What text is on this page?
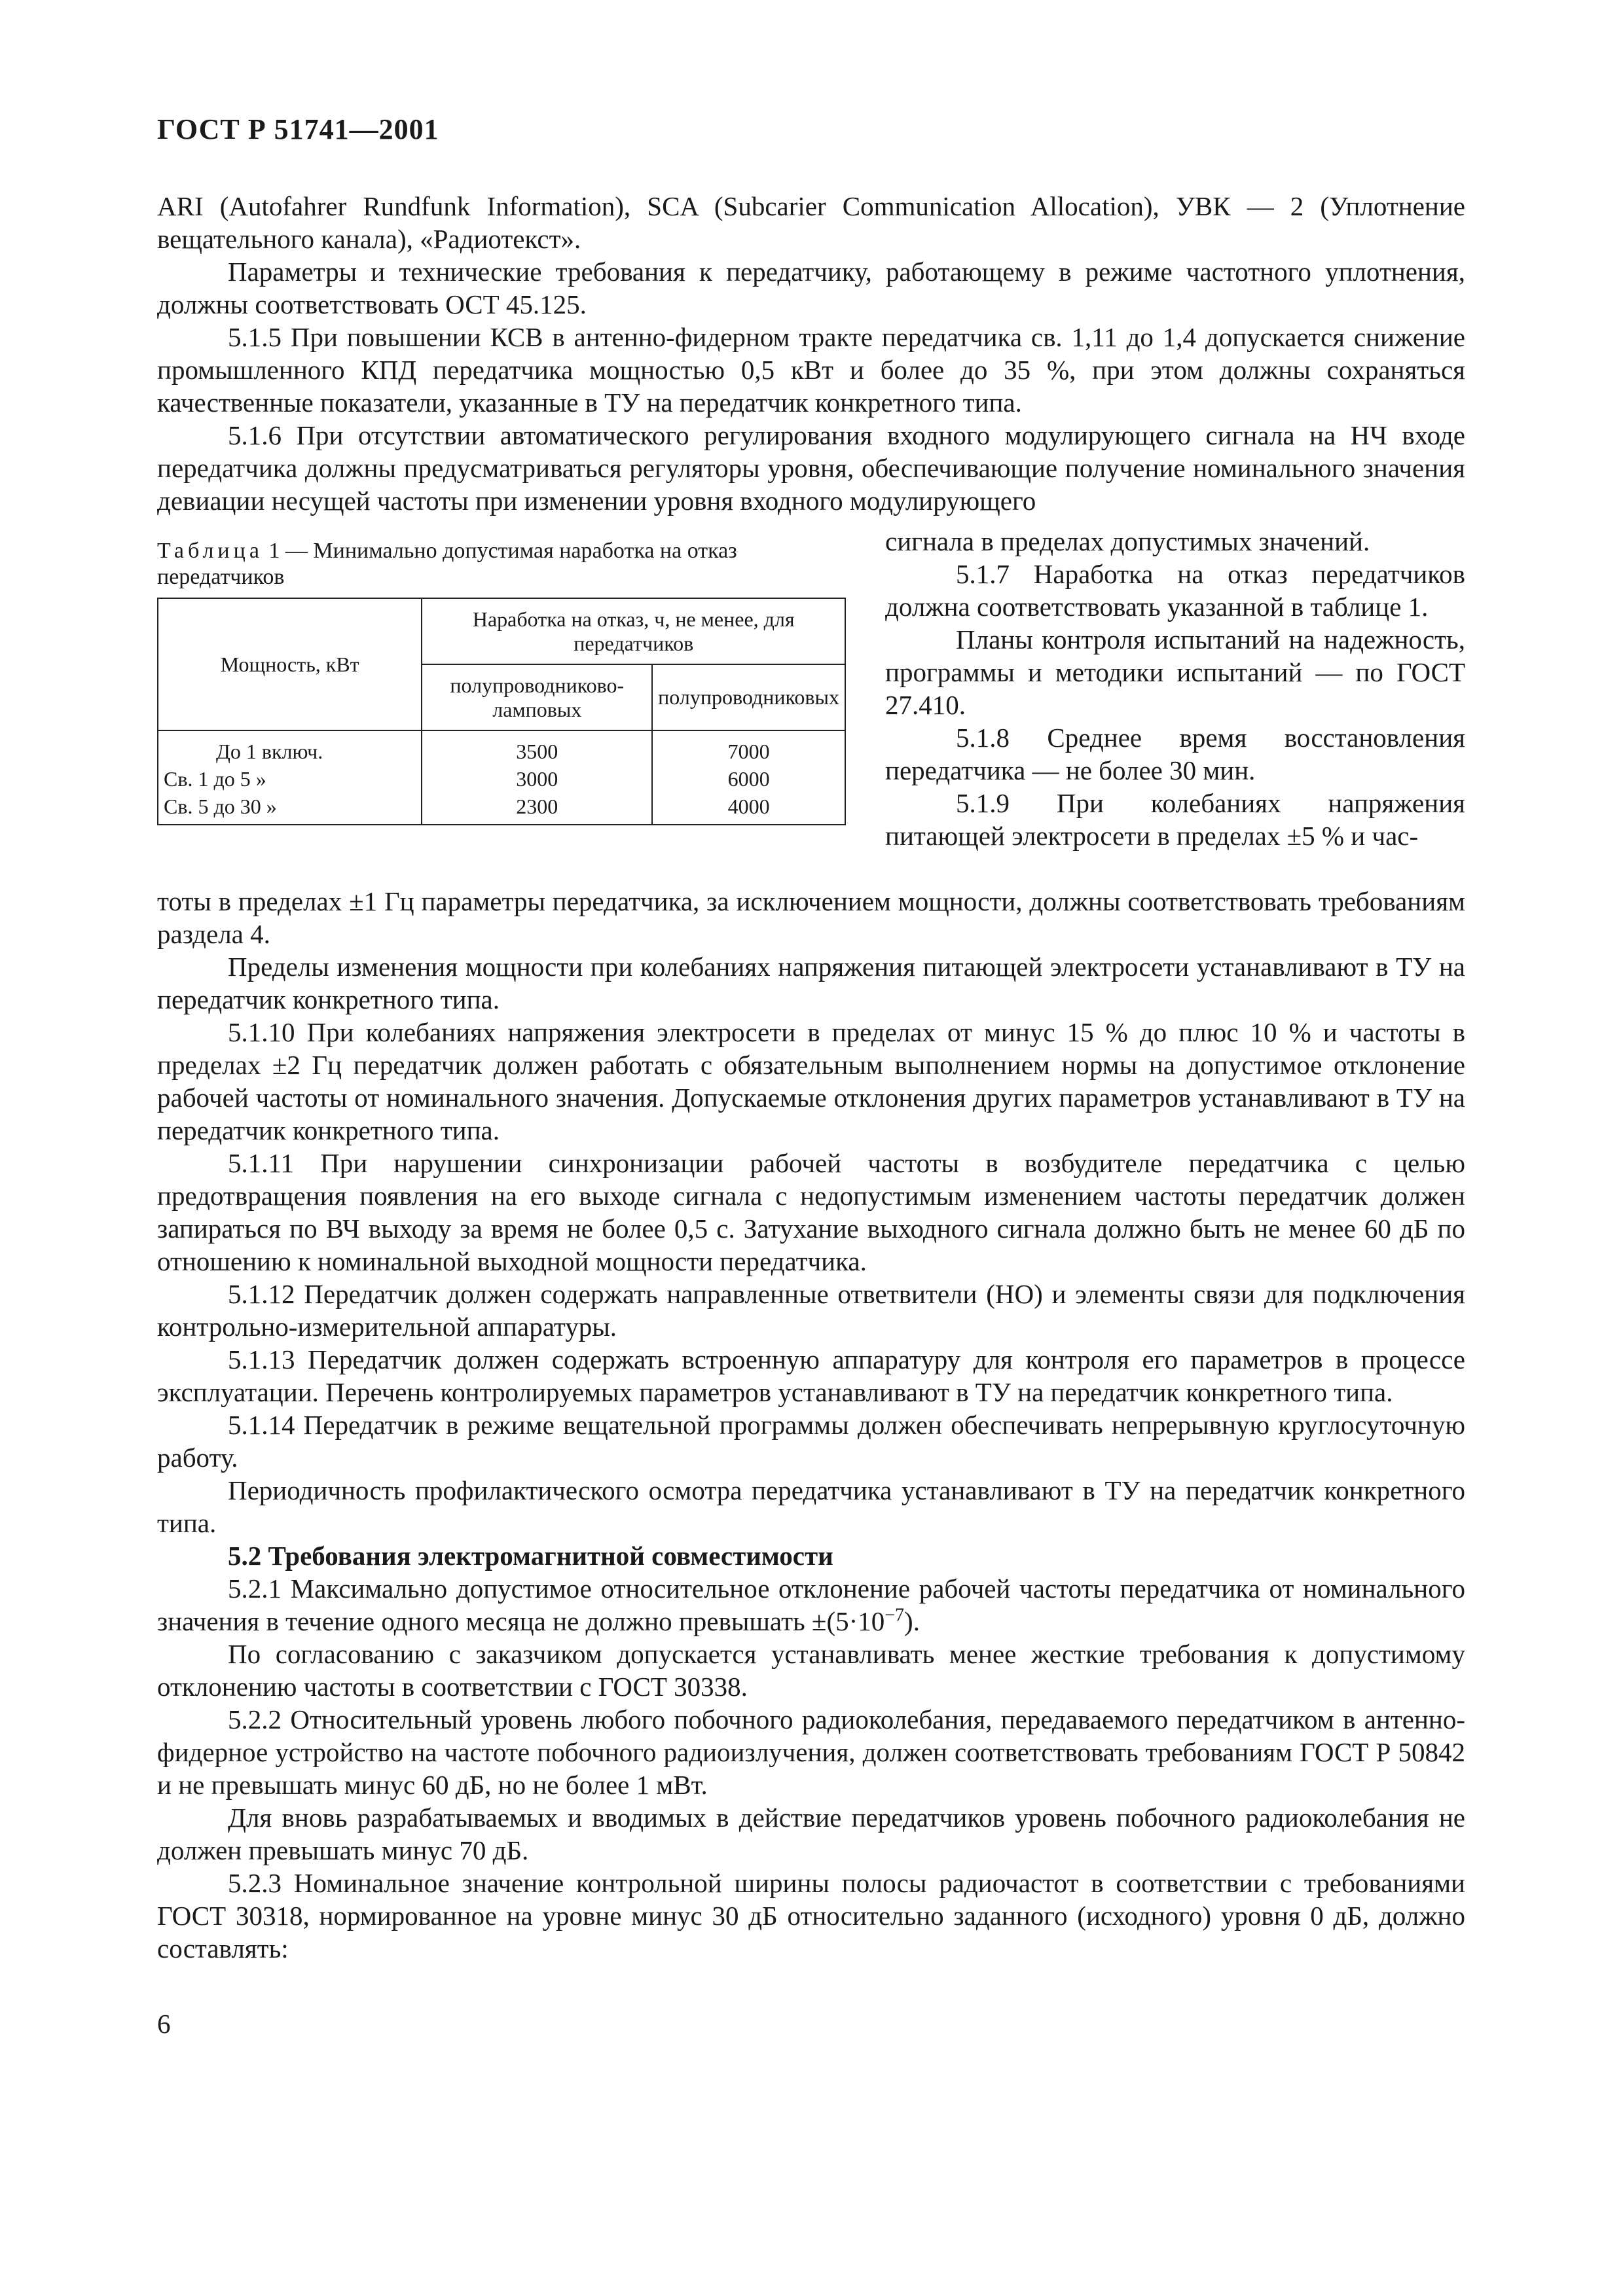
ГОСТ Р 51741—2001

ARI (Autofahrer Rundfunk Information), SCA (Subcarier Communication Allocation), УВК — 2 (Уплотнение вещательного канала), «Радиотекст».

Параметры и технические требования к передатчику, работающему в режиме частотного уплотнения, должны соответствовать ОСТ 45.125.

5.1.5 При повышении КСВ в антенно-фидерном тракте передатчика св. 1,11 до 1,4 допускается снижение промышленного КПД передатчика мощностью 0,5 кВт и более до 35 %, при этом должны сохраняться качественные показатели, указанные в ТУ на передатчик конкретного типа.

5.1.6 При отсутствии автоматического регулирования входного модулирующего сигнала на НЧ входе передатчика должны предусматриваться регуляторы уровня, обеспечивающие получение номинального значения девиации несущей частоты при изменении уровня входного модулирующего

Таблица 1 — Минимально допустимая наработка на отказ передатчиков
Мощность, кВт	Наработка на отказ, ч, не менее, для передатчиков	
	полупроводниково-ламповых	полупроводниковых
До 1 включ.	3500	7000
Св. 1 до 5 »	3000	6000
Св. 5 до 30 »	2300	4000

сигнала в пределах допустимых значений.

5.1.7 Наработка на отказ передатчиков должна соответствовать указанной в таблице 1.

Планы контроля испытаний на надежность, программы и методики испытаний — по ГОСТ 27.410.

5.1.8 Среднее время восстановления передатчика — не более 30 мин.

5.1.9 При колебаниях напряжения питающей электросети в пределах ±5 % и час-

тоты в пределах ±1 Гц параметры передатчика, за исключением мощности, должны соответствовать требованиям раздела 4.

Пределы изменения мощности при колебаниях напряжения питающей электросети устанавливают в ТУ на передатчик конкретного типа.

5.1.10 При колебаниях напряжения электросети в пределах от минус 15 % до плюс 10 % и частоты в пределах ±2 Гц передатчик должен работать с обязательным выполнением нормы на допустимое отклонение рабочей частоты от номинального значения. Допускаемые отклонения других параметров устанавливают в ТУ на передатчик конкретного типа.

5.1.11 При нарушении синхронизации рабочей частоты в возбудителе передатчика с целью предотвращения появления на его выходе сигнала с недопустимым изменением частоты передатчик должен запираться по ВЧ выходу за время не более 0,5 с. Затухание выходного сигнала должно быть не менее 60 дБ по отношению к номинальной выходной мощности передатчика.

5.1.12 Передатчик должен содержать направленные ответвители (НО) и элементы связи для подключения контрольно-измерительной аппаратуры.

5.1.13 Передатчик должен содержать встроенную аппаратуру для контроля его параметров в процессе эксплуатации. Перечень контролируемых параметров устанавливают в ТУ на передатчик конкретного типа.

5.1.14 Передатчик в режиме вещательной программы должен обеспечивать непрерывную круглосуточную работу.

Периодичность профилактического осмотра передатчика устанавливают в ТУ на передатчик конкретного типа.

5.2 Требования электромагнитной совместимости

5.2.1 Максимально допустимое относительное отклонение рабочей частоты передатчика от номинального значения в течение одного месяца не должно превышать $\pm(5\cdot 10^{-7})$.

По согласованию с заказчиком допускается устанавливать менее жесткие требования к допустимому отклонению частоты в соответствии с ГОСТ 30338.

5.2.2 Относительный уровень любого побочного радиоколебания, передаваемого передатчиком в антенно-фидерное устройство на частоте побочного радиоизлучения, должен соответствовать требованиям ГОСТ Р 50842 и не превышать минус 60 дБ, но не более 1 мВт.

Для вновь разрабатываемых и вводимых в действие передатчиков уровень побочного радиоколебания не должен превышать минус 70 дБ.

5.2.3 Номинальное значение контрольной ширины полосы радиочастот в соответствии с требованиями ГОСТ 30318, нормированное на уровне минус 30 дБ относительно заданного (исходного) уровня 0 дБ, должно составлять:

6
